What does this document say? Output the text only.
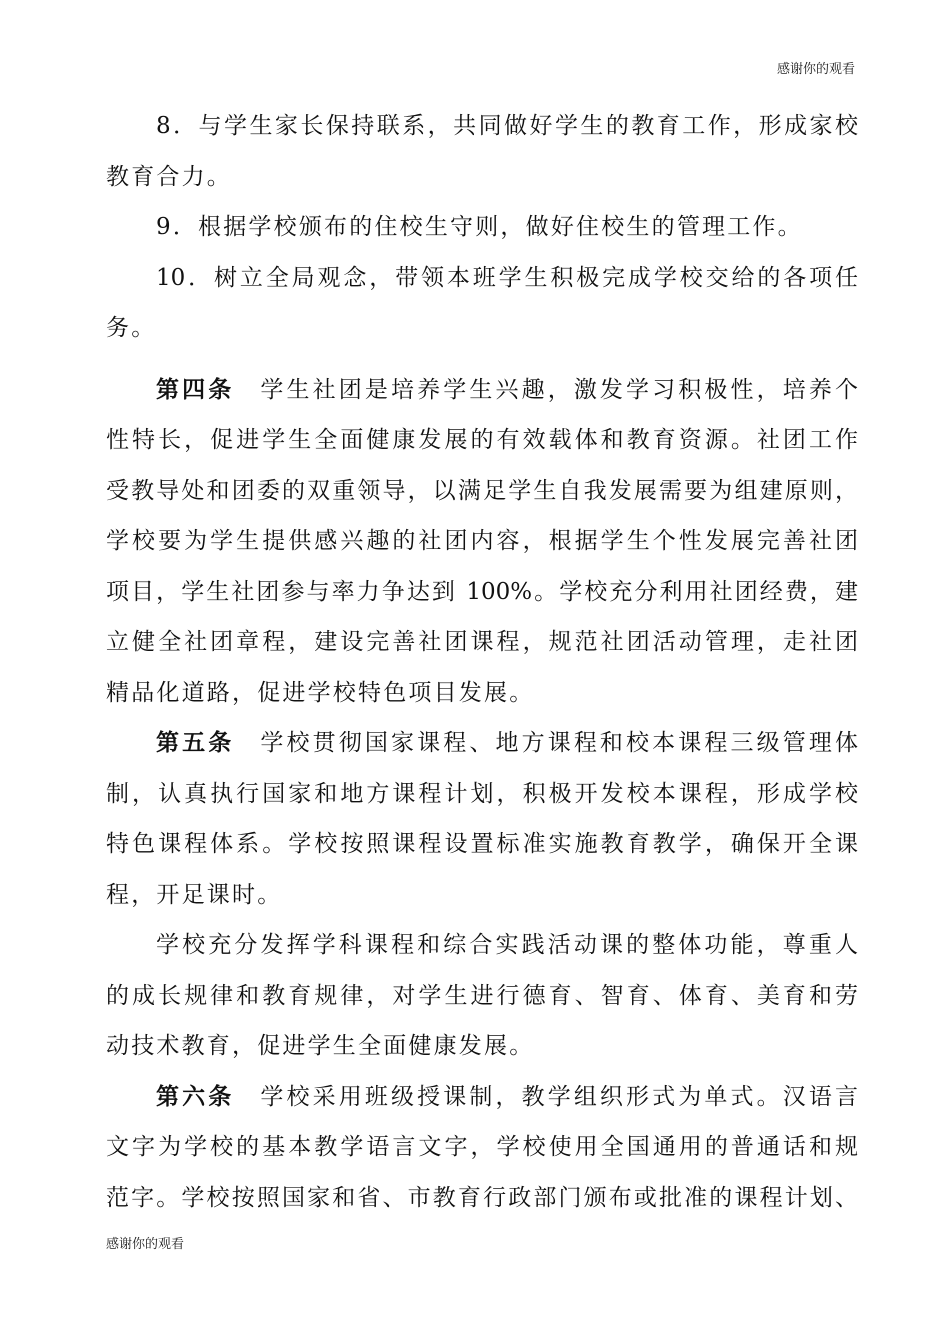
感谢你的观看
8．与学生家长保持联系，共同做好学生的教育工作，形成家校
教育合力。
9．根据学校颁布的住校生守则，做好住校生的管理工作。
10．树立全局观念，带领本班学生积极完成学校交给的各项任
务。
第四条 学生社团是培养学生兴趣，激发学习积极性，培养个
性特长，促进学生全面健康发展的有效载体和教育资源。社团工作
受教导处和团委的双重领导，以满足学生自我发展需要为组建原则，
学校要为学生提供感兴趣的社团内容，根据学生个性发展完善社团
项目，学生社团参与率力争达到 100%。学校充分利用社团经费，建
立健全社团章程，建设完善社团课程，规范社团活动管理，走社团
精品化道路，促进学校特色项目发展。
第五条 学校贯彻国家课程、地方课程和校本课程三级管理体
制，认真执行国家和地方课程计划，积极开发校本课程，形成学校
特色课程体系。学校按照课程设置标准实施教育教学，确保开全课
程，开足课时。
学校充分发挥学科课程和综合实践活动课的整体功能，尊重人
的成长规律和教育规律，对学生进行德育、智育、体育、美育和劳
动技术教育，促进学生全面健康发展。
第六条 学校采用班级授课制，教学组织形式为单式。汉语言
文字为学校的基本教学语言文字，学校使用全国通用的普通话和规
范字。学校按照国家和省、市教育行政部门颁布或批准的课程计划、
感谢你的观看
